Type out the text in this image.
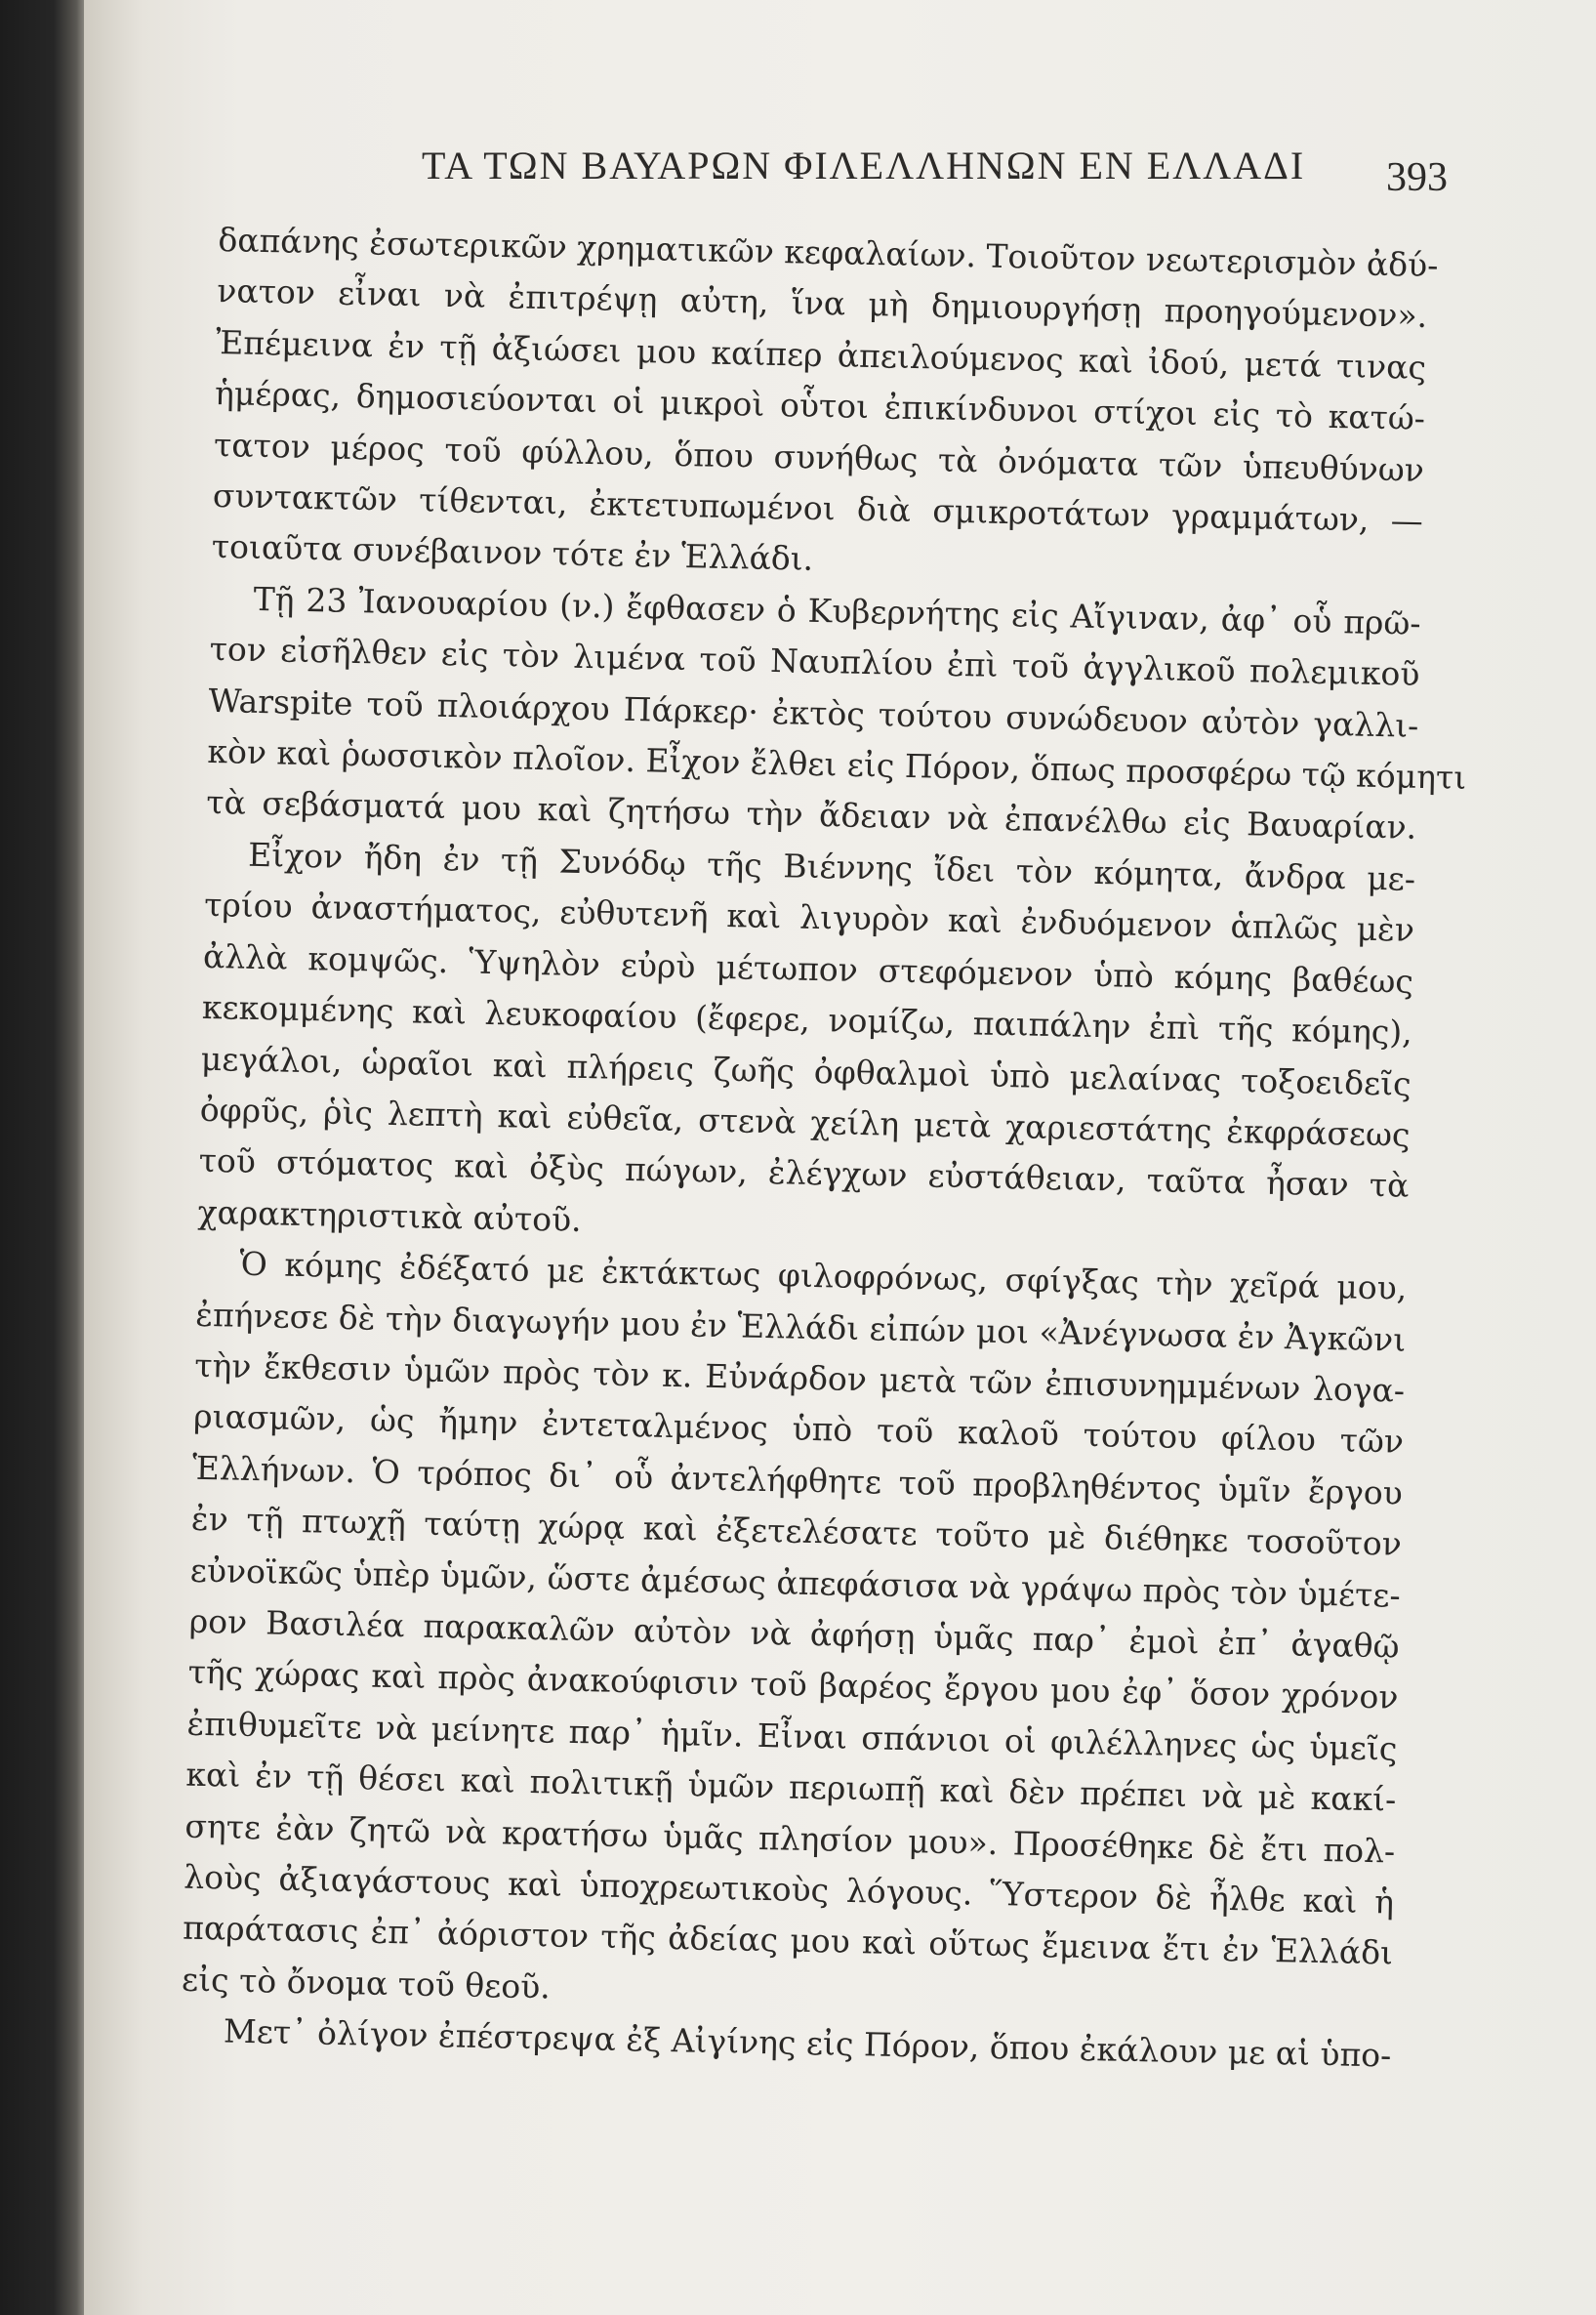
ΤΑ ΤΩΝ ΒΑΥΑΡΩΝ ΦΙΛΕΛΛΗΝΩΝ ΕΝ ΕΛΛΑΔΙ 393
δαπάνης ἐσωτερικῶν χρηματικῶν κεφαλαίων. Τοιοῦτον νεωτερισμὸν ἀδύ-
νατον εἶναι νὰ ἐπιτρέψῃ αὐτη, ἵνα μὴ δημιουργήσῃ προηγούμενον».
Ἐπέμεινα ἐν τῇ ἀξιώσει μου καίπερ ἀπειλούμενος καὶ ἰδού, μετά τινας
ἡμέρας, δημοσιεύονται οἱ μικροὶ οὗτοι ἐπικίνδυνοι στίχοι εἰς τὸ κατώ-
τατον μέρος τοῦ φύλλου, ὅπου συνήθως τὰ ὀνόματα τῶν ὑπευθύνων
συντακτῶν τίθενται, ἐκτετυπωμένοι διὰ σμικροτάτων γραμμάτων, —
τοιαῦτα συνέβαινον τότε ἐν Ἑλλάδι.
Τῇ 23 Ἰανουαρίου (ν.) ἔφθασεν ὁ Κυβερνήτης εἰς Αἴγιναν, ἀφ᾿ οὗ πρῶ-
τον εἰσῆλθεν εἰς τὸν λιμένα τοῦ Ναυπλίου ἐπὶ τοῦ ἀγγλικοῦ πολεμικοῦ
Warspite τοῦ πλοιάρχου Πάρκερ· ἐκτὸς τούτου συνώδευον αὐτὸν γαλλι-
κὸν καὶ ῥωσσικὸν πλοῖον. Εἶχον ἔλθει εἰς Πόρον, ὅπως προσφέρω τῷ κόμητι
τὰ σεβάσματά μου καὶ ζητήσω τὴν ἄδειαν νὰ ἐπανέλθω εἰς Βαυαρίαν.
Εἶχον ἤδη ἐν τῇ Συνόδῳ τῆς Βιέννης ἴδει τὸν κόμητα, ἄνδρα με-
τρίου ἀναστήματος, εὐθυτενῆ καὶ λιγυρὸν καὶ ἐνδυόμενον ἁπλῶς μὲν
ἀλλὰ κομψῶς. Ὑψηλὸν εὐρὺ μέτωπον στεφόμενον ὑπὸ κόμης βαθέως
κεκομμένης καὶ λευκοφαίου (ἔφερε, νομίζω, παιπάλην ἐπὶ τῆς κόμης),
μεγάλοι, ὡραῖοι καὶ πλήρεις ζωῆς ὀφθαλμοὶ ὑπὸ μελαίνας τοξοειδεῖς
ὀφρῦς, ῥὶς λεπτὴ καὶ εὐθεῖα, στενὰ χείλη μετὰ χαριεστάτης ἐκφράσεως
τοῦ στόματος καὶ ὀξὺς πώγων, ἐλέγχων εὐστάθειαν, ταῦτα ἦσαν τὰ
χαρακτηριστικὰ αὐτοῦ.
Ὁ κόμης ἐδέξατό με ἐκτάκτως φιλοφρόνως, σφίγξας τὴν χεῖρά μου,
ἐπήνεσε δὲ τὴν διαγωγήν μου ἐν Ἑλλάδι εἰπών μοι «Ἀνέγνωσα ἐν Ἀγκῶνι
τὴν ἔκθεσιν ὑμῶν πρὸς τὸν κ. Εὐνάρδον μετὰ τῶν ἐπισυνημμένων λογα-
ριασμῶν, ὡς ἤμην ἐντεταλμένος ὑπὸ τοῦ καλοῦ τούτου φίλου τῶν
Ἑλλήνων. Ὁ τρόπος δι᾿ οὗ ἀντελήφθητε τοῦ προβληθέντος ὑμῖν ἔργου
ἐν τῇ πτωχῇ ταύτῃ χώρᾳ καὶ ἐξετελέσατε τοῦτο μὲ διέθηκε τοσοῦτον
εὐνοϊκῶς ὑπὲρ ὑμῶν, ὥστε ἀμέσως ἀπεφάσισα νὰ γράψω πρὸς τὸν ὑμέτε-
ρον Βασιλέα παρακαλῶν αὐτὸν νὰ ἀφήσῃ ὑμᾶς παρ᾿ ἐμοὶ ἐπ᾿ ἀγαθῷ
τῆς χώρας καὶ πρὸς ἀνακούφισιν τοῦ βαρέος ἔργου μου ἐφ᾿ ὅσον χρόνον
ἐπιθυμεῖτε νὰ μείνητε παρ᾿ ἡμῖν. Εἶναι σπάνιοι οἱ φιλέλληνες ὡς ὑμεῖς
καὶ ἐν τῇ θέσει καὶ πολιτικῇ ὑμῶν περιωπῇ καὶ δὲν πρέπει νὰ μὲ κακί-
σητε ἐὰν ζητῶ νὰ κρατήσω ὑμᾶς πλησίον μου». Προσέθηκε δὲ ἔτι πολ-
λοὺς ἀξιαγάστους καὶ ὑποχρεωτικοὺς λόγους. Ὕστερον δὲ ἦλθε καὶ ἡ
παράτασις ἐπ᾿ ἀόριστον τῆς ἀδείας μου καὶ οὕτως ἔμεινα ἔτι ἐν Ἑλλάδι
εἰς τὸ ὄνομα τοῦ θεοῦ.
Μετ᾿ ὀλίγον ἐπέστρεψα ἐξ Αἰγίνης εἰς Πόρον, ὅπου ἐκάλουν με αἱ ὑπο-
